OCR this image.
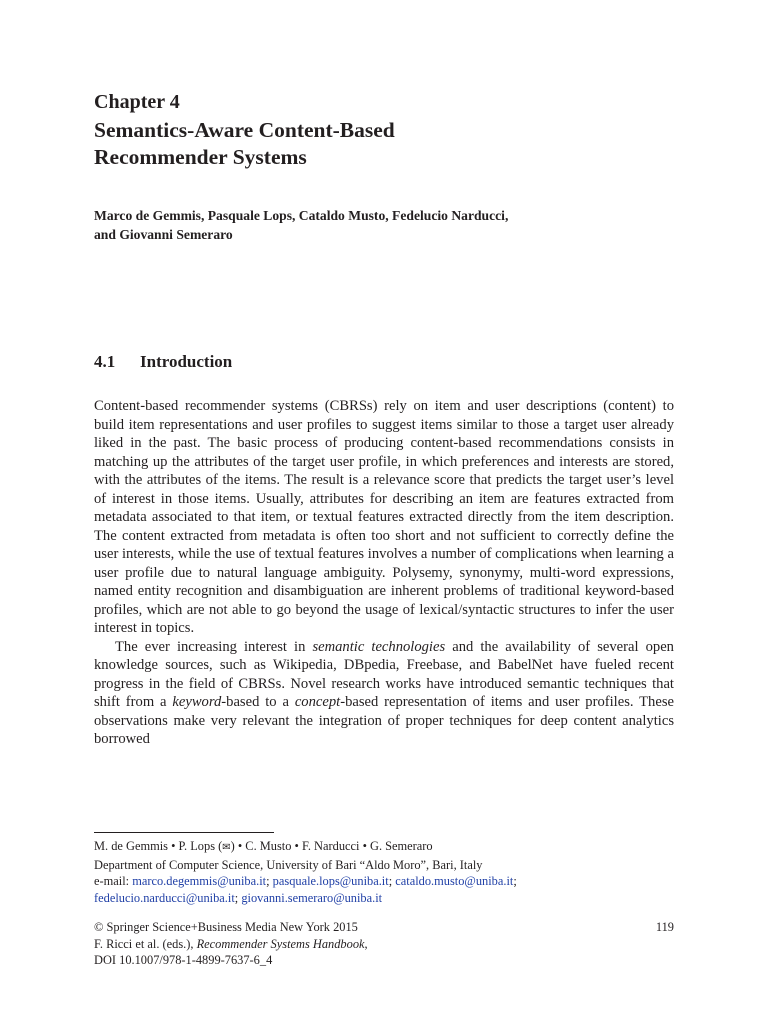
Chapter 4
Semantics-Aware Content-Based
Recommender Systems
Marco de Gemmis, Pasquale Lops, Cataldo Musto, Fedelucio Narducci,
and Giovanni Semeraro
4.1 Introduction

Content-based recommender systems (CBRSs) rely on item and user descriptions (content) to build item representations and user profiles to suggest items similar to those a target user already liked in the past. The basic process of producing content-based recommendations consists in matching up the attributes of the target user profile, in which preferences and interests are stored, with the attributes of the items. The result is a relevance score that predicts the target user’s level of interest in those items. Usually, attributes for describing an item are features extracted from metadata associated to that item, or textual features extracted directly from the item description. The content extracted from metadata is often too short and not sufficient to correctly define the user interests, while the use of textual features involves a number of complications when learning a user profile due to natural language ambiguity. Polysemy, synonymy, multi-word expressions, named entity recognition and disambiguation are inherent problems of traditional keyword-based profiles, which are not able to go beyond the usage of lexical/syntactic structures to infer the user interest in topics.

The ever increasing interest in semantic technologies and the availability of several open knowledge sources, such as Wikipedia, DBpedia, Freebase, and BabelNet have fueled recent progress in the field of CBRSs. Novel research works have introduced semantic techniques that shift from a keyword-based to a concept-based representation of items and user profiles. These observations make very relevant the integration of proper techniques for deep content analytics borrowed

M. de Gemmis • P. Lops (✉) • C. Musto • F. Narducci • G. Semeraro
Department of Computer Science, University of Bari “Aldo Moro”, Bari, Italy
e-mail: marco.degemmis@uniba.it; pasquale.lops@uniba.it; cataldo.musto@uniba.it;
fedelucio.narducci@uniba.it; giovanni.semeraro@uniba.it
© Springer Science+Business Media New York 2015
F. Ricci et al. (eds.), Recommender Systems Handbook,
DOI 10.1007/978-1-4899-7637-6_4
119
